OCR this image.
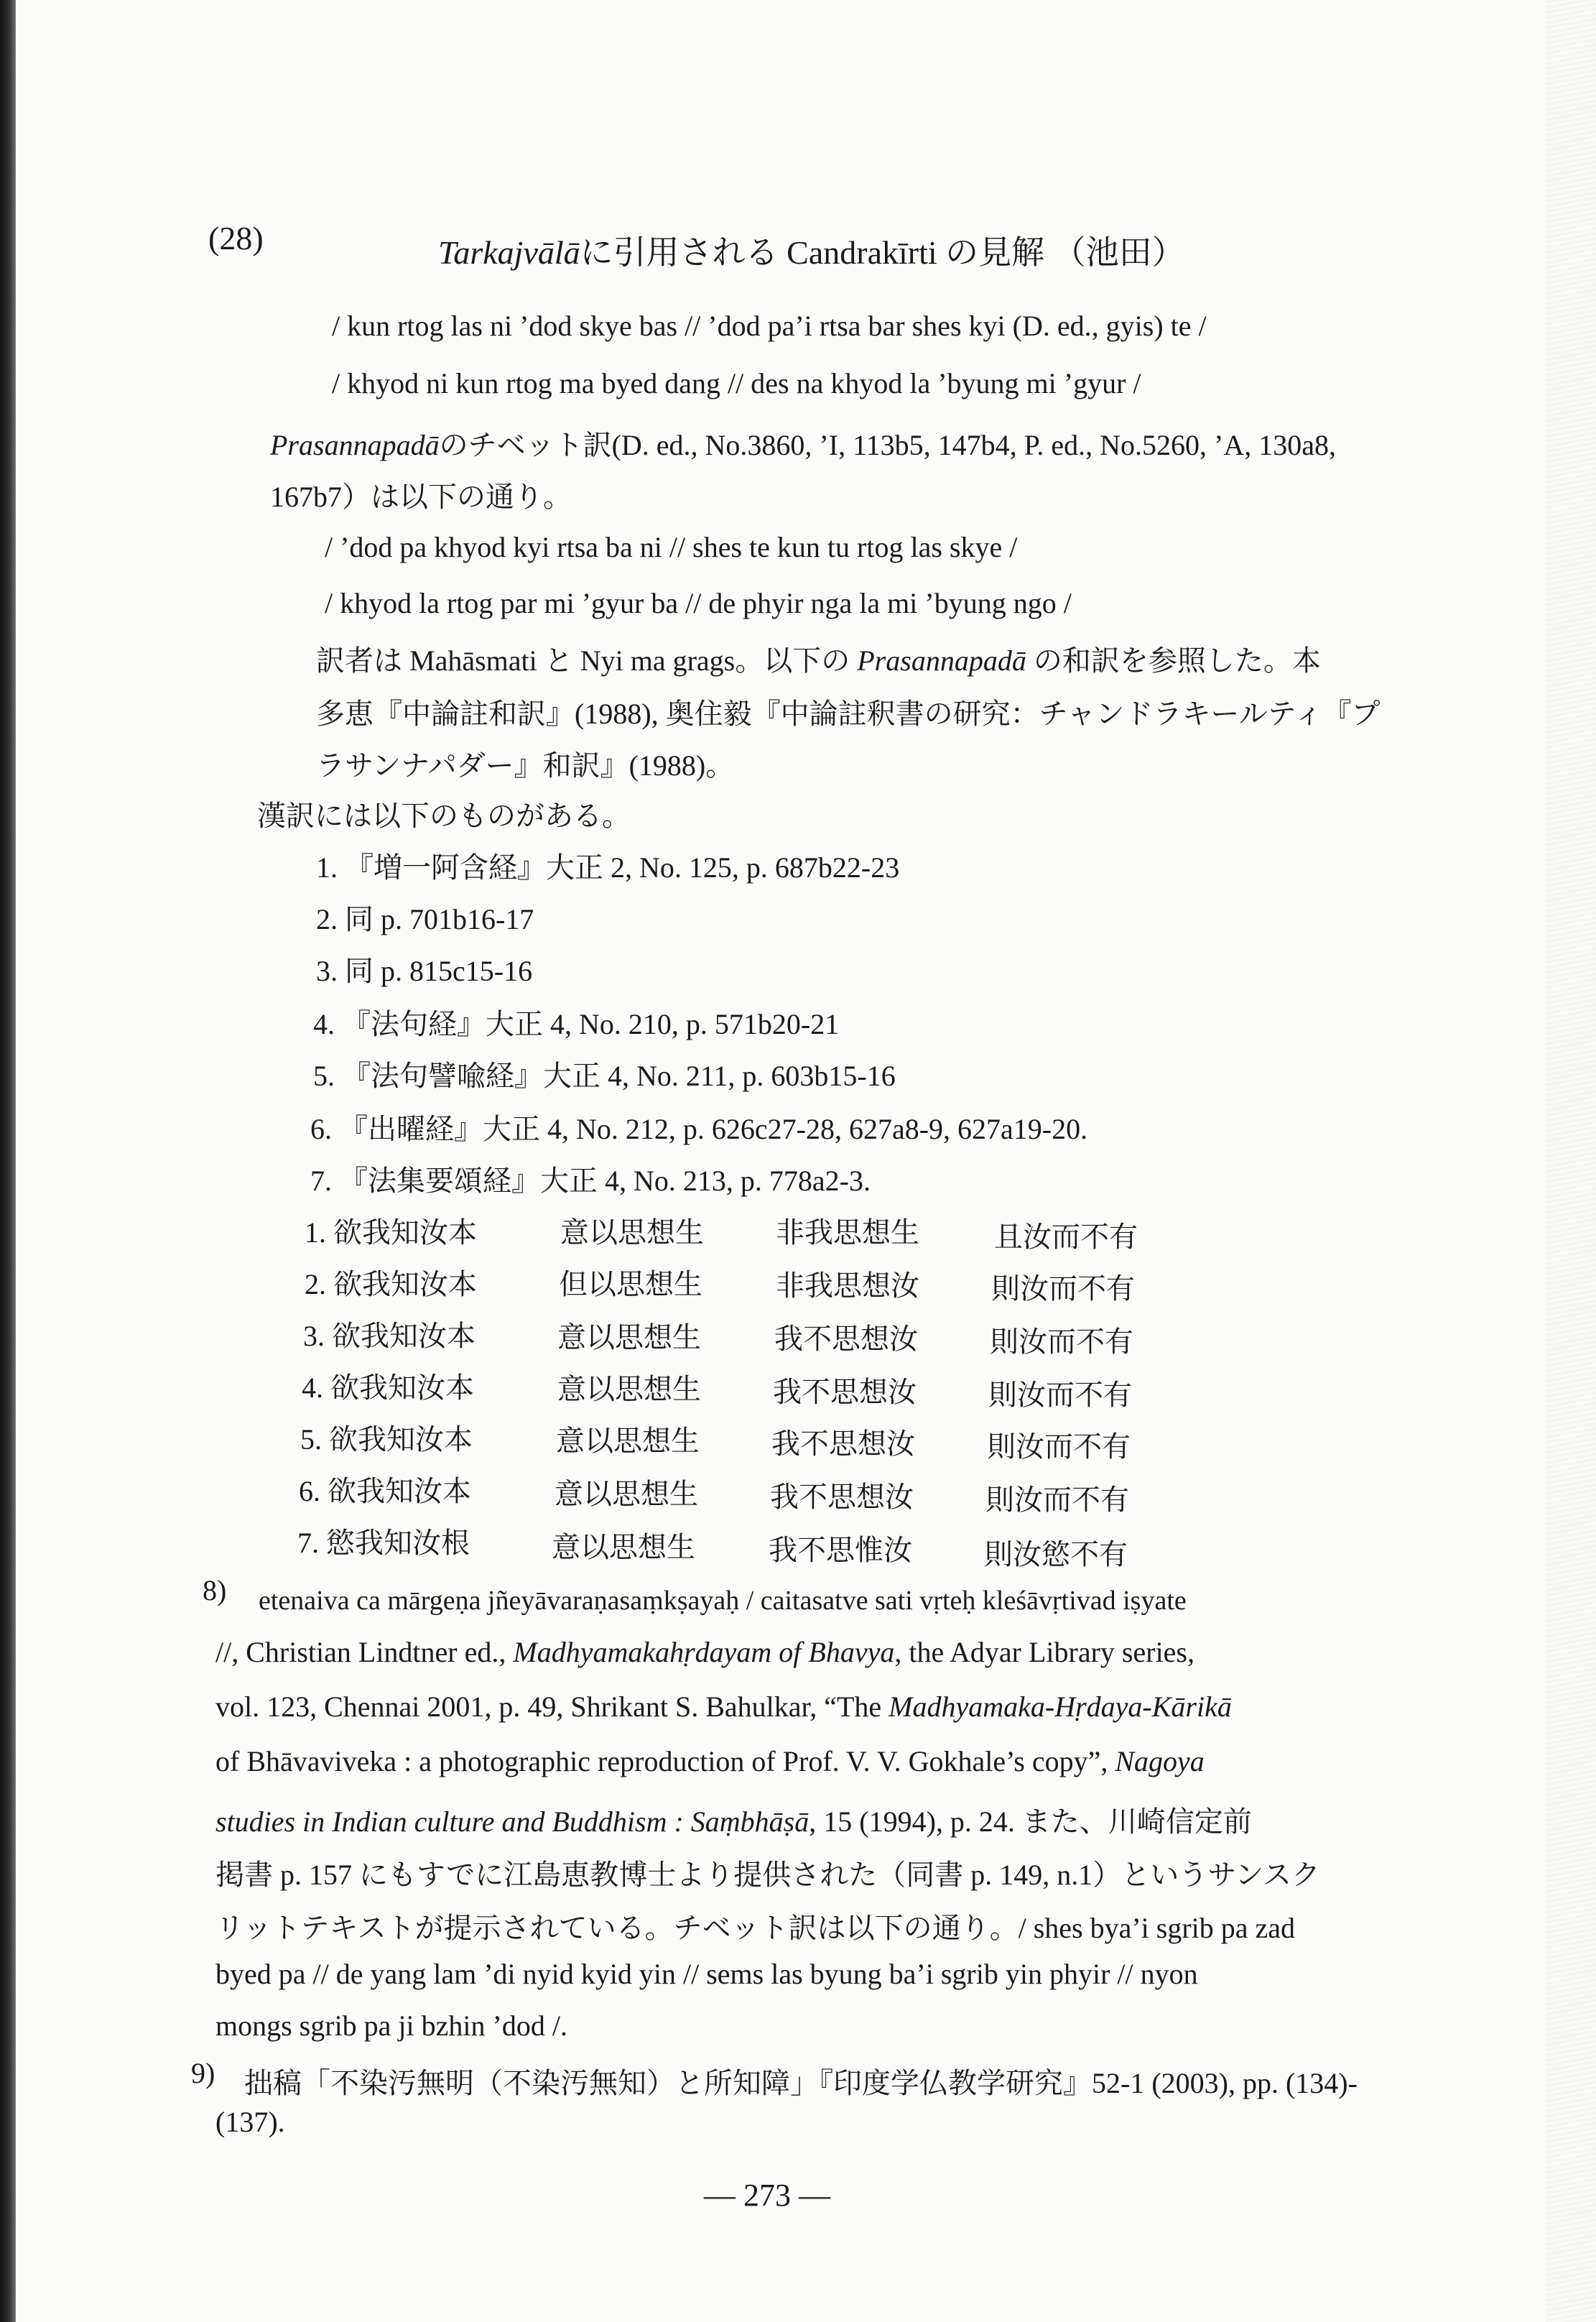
(28)	Tarkajvālāに引用される Candrakīrti の見解 （池田）
/ kun rtog las ni ’dod skye bas // ’dod pa’i rtsa bar shes kyi (D. ed., gyis) te /
/ khyod ni kun rtog ma byed dang // des na khyod la ’byung mi ’gyur /
Prasannapadāのチベット訳(D. ed., No.3860, ’I, 113b5, 147b4, P. ed., No.5260, ’A, 130a8,
167b7）は以下の通り。
/ ’dod pa khyod kyi rtsa ba ni // shes te kun tu rtog las skye /
/ khyod la rtog par mi ’gyur ba // de phyir nga la mi ’byung ngo /
訳者は Mahāsmati と Nyi ma grags。以下の Prasannapadā の和訳を参照した。本
多恵『中論註和訳』(1988), 奥住毅『中論註釈書の研究：チャンドラキールティ『プ
ラサンナパダー』和訳』(1988)。
漢訳には以下のものがある。
1. 『増一阿含経』大正 2, No. 125, p. 687b22-23
2. 同 p. 701b16-17
3. 同 p. 815c15-16
4. 『法句経』大正 4, No. 210, p. 571b20-21
5. 『法句譬喩経』大正 4, No. 211, p. 603b15-16
6. 『出曜経』大正 4, No. 212, p. 626c27-28, 627a8-9, 627a19-20.
7. 『法集要頌経』大正 4, No. 213, p. 778a2-3.
1. 欲我知汝本	意以思想生	非我思想生	且汝而不有
2. 欲我知汝本	但以思想生	非我思想汝	則汝而不有
3. 欲我知汝本	意以思想生	我不思想汝	則汝而不有
4. 欲我知汝本	意以思想生	我不思想汝	則汝而不有
5. 欲我知汝本	意以思想生	我不思想汝	則汝而不有
6. 欲我知汝本	意以思想生	我不思想汝	則汝而不有
7. 慾我知汝根	意以思想生	我不思惟汝	則汝慾不有
8) etenaiva ca mārgeṇa jñeyāvaraṇasaṃkṣayaḥ / caitasatve sati vṛteḥ kleśāvṛtivad iṣyate
//, Christian Lindtner ed., Madhyamakahṛdayam of Bhavya, the Adyar Library series,
vol. 123, Chennai 2001, p. 49, Shrikant S. Bahulkar, “The Madhyamaka-Hṛdaya-Kārikā
of Bhāvaviveka : a photographic reproduction of Prof. V. V. Gokhale’s copy”, Nagoya
studies in Indian culture and Buddhism : Saṃbhāṣā, 15 (1994), p. 24. また、川崎信定前
掲書 p. 157 にもすでに江島恵教博士より提供された（同書 p. 149, n.1）というサンスク
リットテキストが提示されている。チベット訳は以下の通り。/ shes bya’i sgrib pa zad
byed pa // de yang lam ’di nyid kyid yin // sems las byung ba’i sgrib yin phyir // nyon
mongs sgrib pa ji bzhin ’dod /.
9) 拙稿「不染汚無明（不染汚無知）と所知障」『印度学仏教学研究』52-1 (2003), pp. (134)-
(137).
— 273 —
